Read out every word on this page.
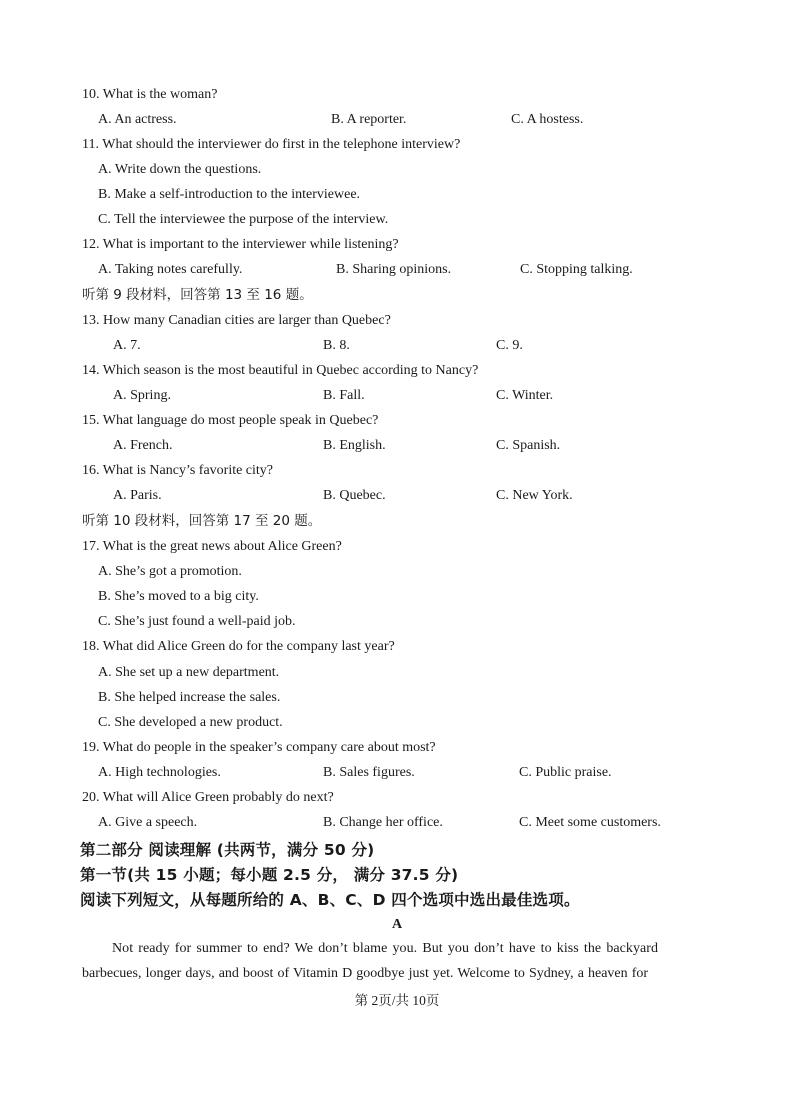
10. What is the woman?
A. An actress.	B. A reporter.	C. A hostess.
11. What should the interviewer do first in the telephone interview?
A. Write down the questions.
B. Make a self-introduction to the interviewee.
C. Tell the interviewee the purpose of the interview.
12. What is important to the interviewer while listening?
A. Taking notes carefully.	B. Sharing opinions.	C. Stopping talking.
听第 9 段材料，回答第 13 至 16 题。
13. How many Canadian cities are larger than Quebec?
A. 7.	B. 8.	C. 9.
14. Which season is the most beautiful in Quebec according to Nancy?
A. Spring.	B. Fall.	C. Winter.
15. What language do most people speak in Quebec?
A. French.	B. English.	C. Spanish.
16. What is Nancy’s favorite city?
A. Paris.	B. Quebec.	C. New York.
听第 10 段材料，回答第 17 至 20 题。
17. What is the great news about Alice Green?
A. She’s got a promotion.
B. She’s moved to a big city.
C. She’s just found a well-paid job.
18. What did Alice Green do for the company last year?
A. She set up a new department.
B. She helped increase the sales.
C. She developed a new product.
19. What do people in the speaker’s company care about most?
A. High technologies.	B. Sales figures.	C. Public praise.
20. What will Alice Green probably do next?
A. Give a speech.	B. Change her office.	C. Meet some customers.
第二部分 阅读理解 (共两节，满分 50 分)
第一节(共 15 小题；每小题 2.5 分， 满分 37.5 分)
阅读下列短文，从每题所给的 A、B、C、D 四个选项中选出最佳选项。
A
Not ready for summer to end? We don’t blame you. But you don’t have to kiss the backyard
barbecues, longer days, and boost of Vitamin D goodbye just yet. Welcome to Sydney, a heaven for
第 2页/共 10页
